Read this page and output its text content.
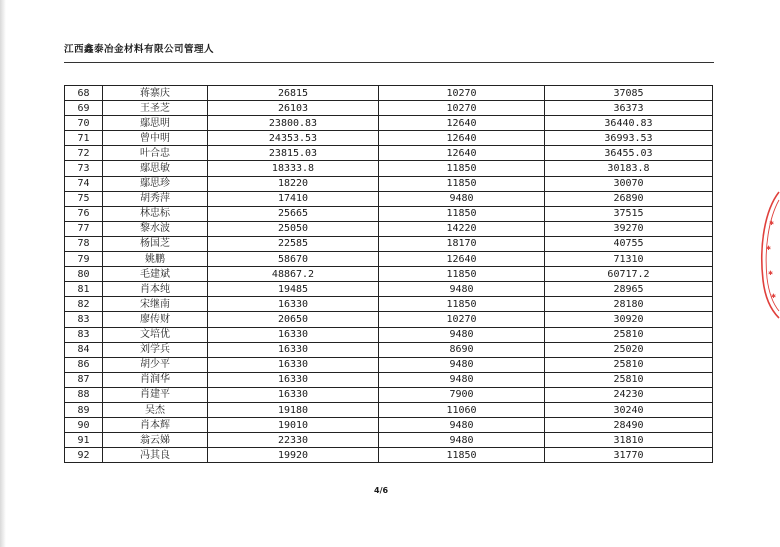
江西鑫泰冶金材料有限公司管理人
68	蒋寨庆	26815	10270	37085
69	王圣芝	26103	10270	36373
70	鄢思明	23800.83	12640	36440.83
71	曾中明	24353.53	12640	36993.53
72	叶合忠	23815.03	12640	36455.03
73	鄢思敏	18333.8	11850	30183.8
74	鄢思珍	18220	11850	30070
75	胡秀萍	17410	9480	26890
76	林忠标	25665	11850	37515
77	黎水波	25050	14220	39270
78	杨国芝	22585	18170	40755
79	姚鹏	58670	12640	71310
80	毛建斌	48867.2	11850	60717.2
81	肖本纯	19485	9480	28965
82	宋继南	16330	11850	28180
83	廖传财	20650	10270	30920
83	文培优	16330	9480	25810
84	刘学兵	16330	8690	25020
86	胡少平	16330	9480	25810
87	肖润华	16330	9480	25810
88	肖建平	16330	7900	24230
89	吴杰	19180	11060	30240
90	肖本辉	19010	9480	28490
91	翁云娣	22330	9480	31810
92	冯其良	19920	11850	31770
4/6
✱
✱
✱
✱
